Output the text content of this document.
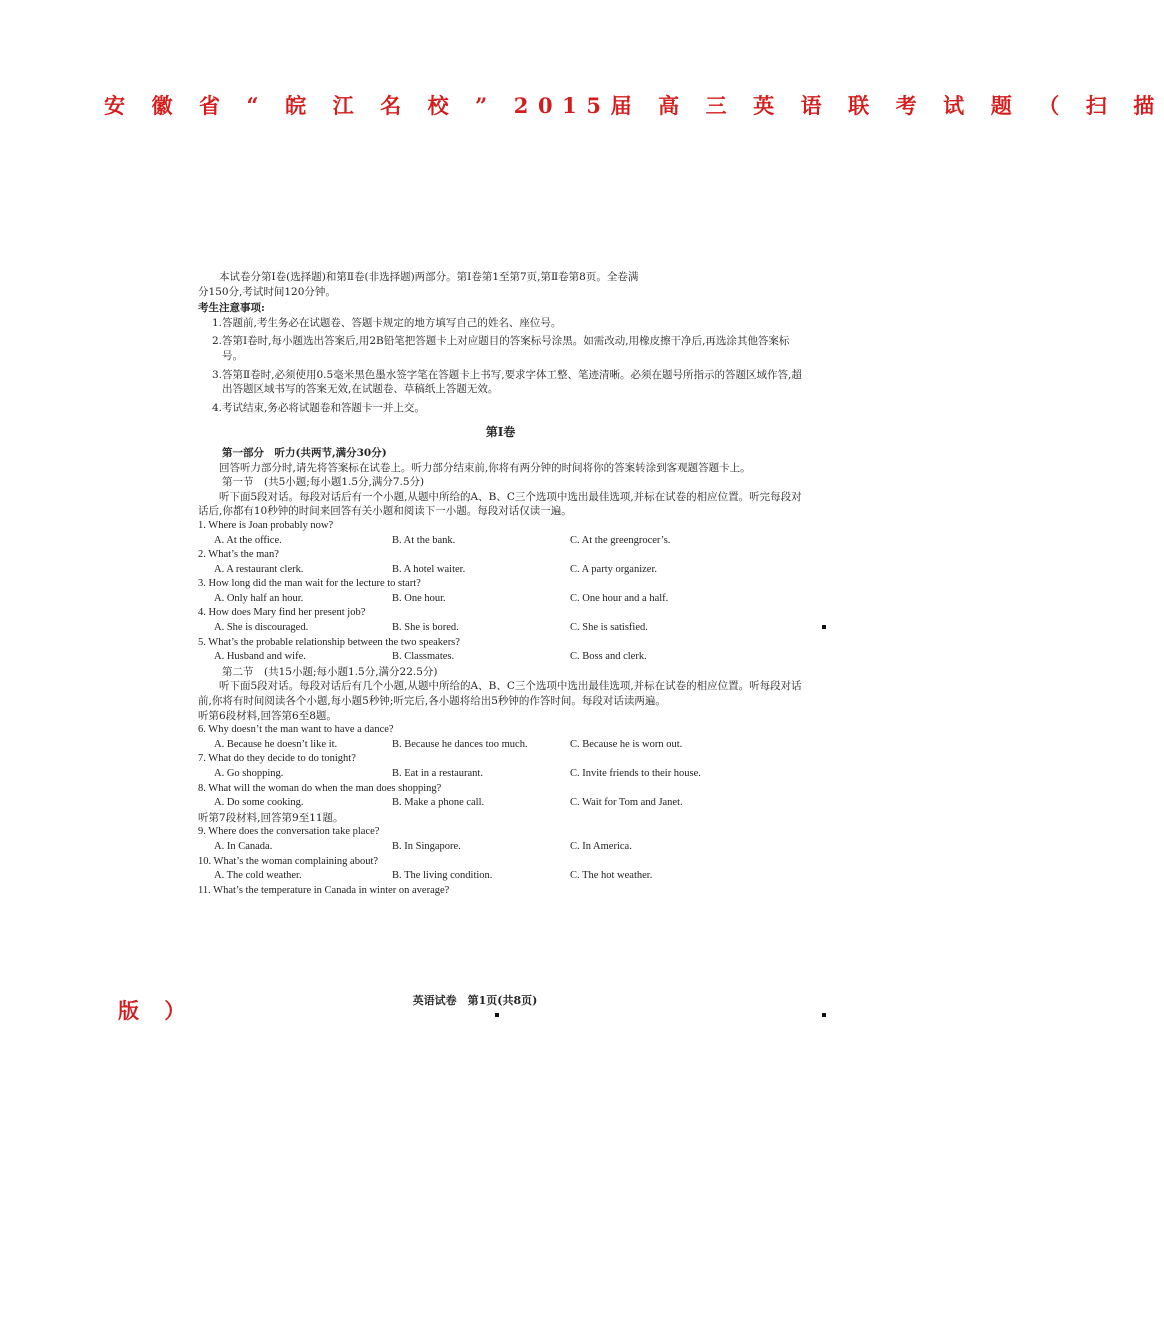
安 徽 省 “ 皖 江 名 校 ” 2015届 高 三 英 语 联 考 试 题 （ 扫 描

本试卷分第Ⅰ卷(选择题)和第Ⅱ卷(非选择题)两部分。第Ⅰ卷第1至第7页,第Ⅱ卷第8页。全卷满

分150分,考试时间120分钟。

考生注意事项:

1.答题前,考生务必在试题卷、答题卡规定的地方填写自己的姓名、座位号。

2.答第Ⅰ卷时,每小题选出答案后,用2B铅笔把答题卡上对应题目的答案标号涂黑。如需改动,用橡皮擦干净后,再选涂其他答案标号。

3.答第Ⅱ卷时,必须使用0.5毫米黑色墨水签字笔在答题卡上书写,要求字体工整、笔迹清晰。必须在题号所指示的答题区域作答,超出答题区域书写的答案无效,在试题卷、草稿纸上答题无效。

4.考试结束,务必将试题卷和答题卡一并上交。

第Ⅰ卷

第一部分　听力(共两节,满分30分)

回答听力部分时,请先将答案标在试卷上。听力部分结束前,你将有两分钟的时间将你的答案转涂到客观题答题卡上。

第一节　(共5小题;每小题1.5分,满分7.5分)

听下面5段对话。每段对话后有一个小题,从题中所给的A、B、C三个选项中选出最佳选项,并标在试卷的相应位置。听完每段对话后,你都有10秒钟的时间来回答有关小题和阅读下一小题。每段对话仅读一遍。

1. Where is Joan probably now?

A. At the office.	B. At the bank.	C. At the greengrocer’s.

2. What’s the man?

A. A restaurant clerk.	B. A hotel waiter.	C. A party organizer.

3. How long did the man wait for the lecture to start?

A. Only half an hour.	B. One hour.	C. One hour and a half.

4. How does Mary find her present job?

A. She is discouraged.	B. She is bored.	C. She is satisfied.

5. What’s the probable relationship between the two speakers?

A. Husband and wife.	B. Classmates.	C. Boss and clerk.

第二节　(共15小题;每小题1.5分,满分22.5分)

听下面5段对话。每段对话后有几个小题,从题中所给的A、B、C三个选项中选出最佳选项,并标在试卷的相应位置。听每段对话前,你将有时间阅读各个小题,每小题5秒钟;听完后,各小题将给出5秒钟的作答时间。每段对话读两遍。

听第6段材料,回答第6至8题。

6. Why doesn’t the man want to have a dance?

A. Because he doesn’t like it.	B. Because he dances too much.	C. Because he is worn out.

7. What do they decide to do tonight?

A. Go shopping.	B. Eat in a restaurant.	C. Invite friends to their house.

8. What will the woman do when the man does shopping?

A. Do some cooking.	B. Make a phone call.	C. Wait for Tom and Janet.

听第7段材料,回答第9至11题。

9. Where does the conversation take place?

A. In Canada.	B. In Singapore.	C. In America.

10. What’s the woman complaining about?

A. The cold weather.	B. The living condition.	C. The hot weather.

11. What’s the temperature in Canada in winter on average?

版 ）	英语试卷　第1页(共8页)
